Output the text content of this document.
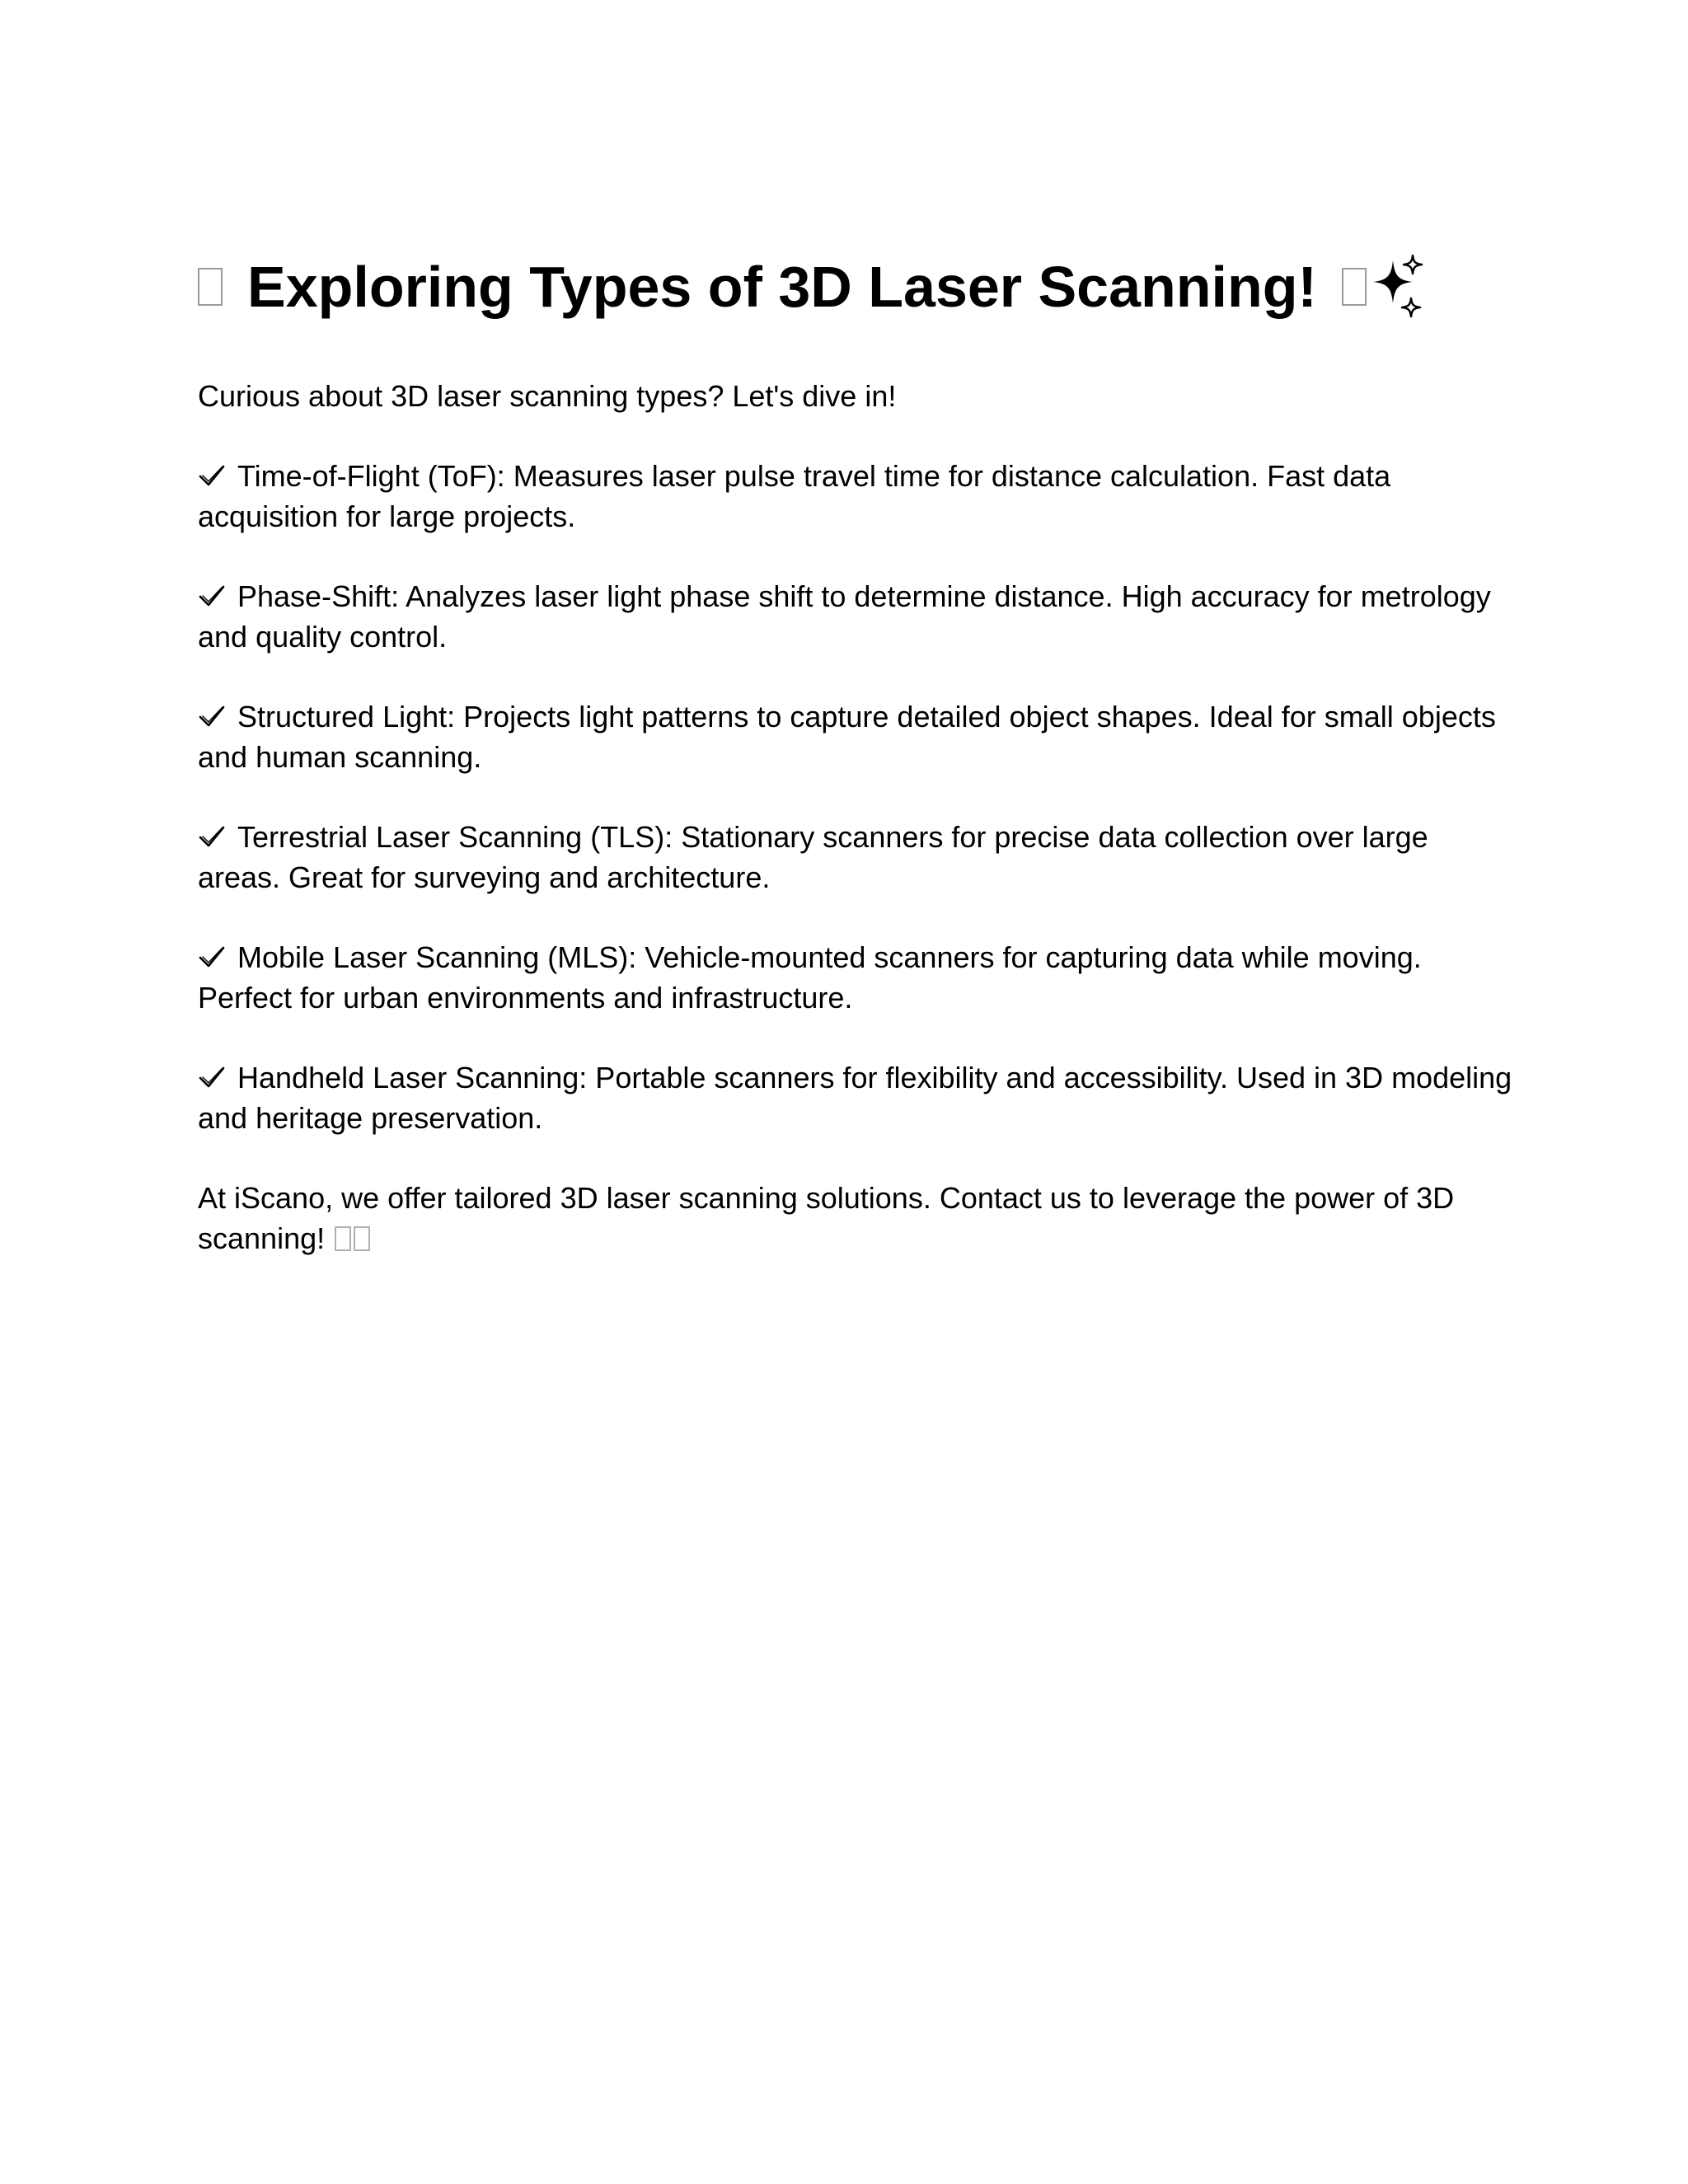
Exploring Types of 3D Laser Scanning!

Curious about 3D laser scanning types? Let's dive in!

Time-of-Flight (ToF): Measures laser pulse travel time for distance calculation. Fast data acquisition for large projects.

Phase-Shift: Analyzes laser light phase shift to determine distance. High accuracy for metrology and quality control.

Structured Light: Projects light patterns to capture detailed object shapes. Ideal for small objects and human scanning.

Terrestrial Laser Scanning (TLS): Stationary scanners for precise data collection over large areas. Great for surveying and architecture.

Mobile Laser Scanning (MLS): Vehicle-mounted scanners for capturing data while moving. Perfect for urban environments and infrastructure.

Handheld Laser Scanning: Portable scanners for flexibility and accessibility. Used in 3D modeling and heritage preservation.

At iScano, we offer tailored 3D laser scanning solutions. Contact us to leverage the power of 3D scanning!
